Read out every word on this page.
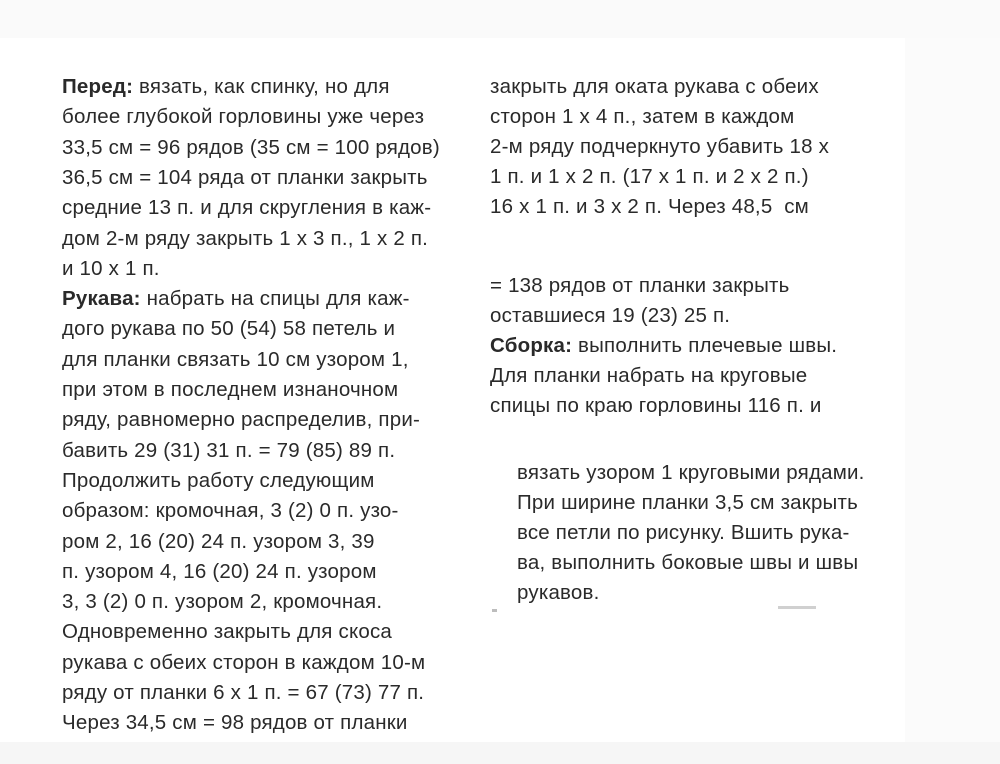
Перед: вязать, как спинку, но для
более глубокой горловины уже через
33,5 см = 96 рядов (35 см = 100 рядов)
36,5 см = 104 ряда от планки закрыть
средние 13 п. и для скругления в каж-
дом 2-м ряду закрыть 1 х 3 п., 1 х 2 п.
и 10 х 1 п.
Рукава: набрать на спицы для каж-
дого рукава по 50 (54) 58 петель и
для планки связать 10 см узором 1,
при этом в последнем изнаночном
ряду, равномерно распределив, при-
бавить 29 (31) 31 п. = 79 (85) 89 п.
Продолжить работу следующим
образом: кромочная, 3 (2) 0 п. узо-
ром 2, 16 (20) 24 п. узором 3, 39
п. узором 4, 16 (20) 24 п. узором
3, 3 (2) 0 п. узором 2, кромочная.
Одновременно закрыть для скоса
рукава с обеих сторон в каждом 10-м
ряду от планки 6 х 1 п. = 67 (73) 77 п.
Через 34,5 см = 98 рядов от планки
закрыть для оката рукава с обеих
сторон 1 х 4 п., затем в каждом
2-м ряду подчеркнуто убавить 18 х
1 п. и 1 х 2 п. (17 х 1 п. и 2 х 2 п.)
16 х 1 п. и 3 х 2 п. Через 48,5  см
= 138 рядов от планки закрыть
оставшиеся 19 (23) 25 п.
Сборка: выполнить плечевые швы.
Для планки набрать на круговые
спицы по краю горловины 116 п. и
вязать узором 1 круговыми рядами.
При ширине планки 3,5 см закрыть
все петли по рисунку. Вшить рука-
ва, выполнить боковые швы и швы
рукавов.
